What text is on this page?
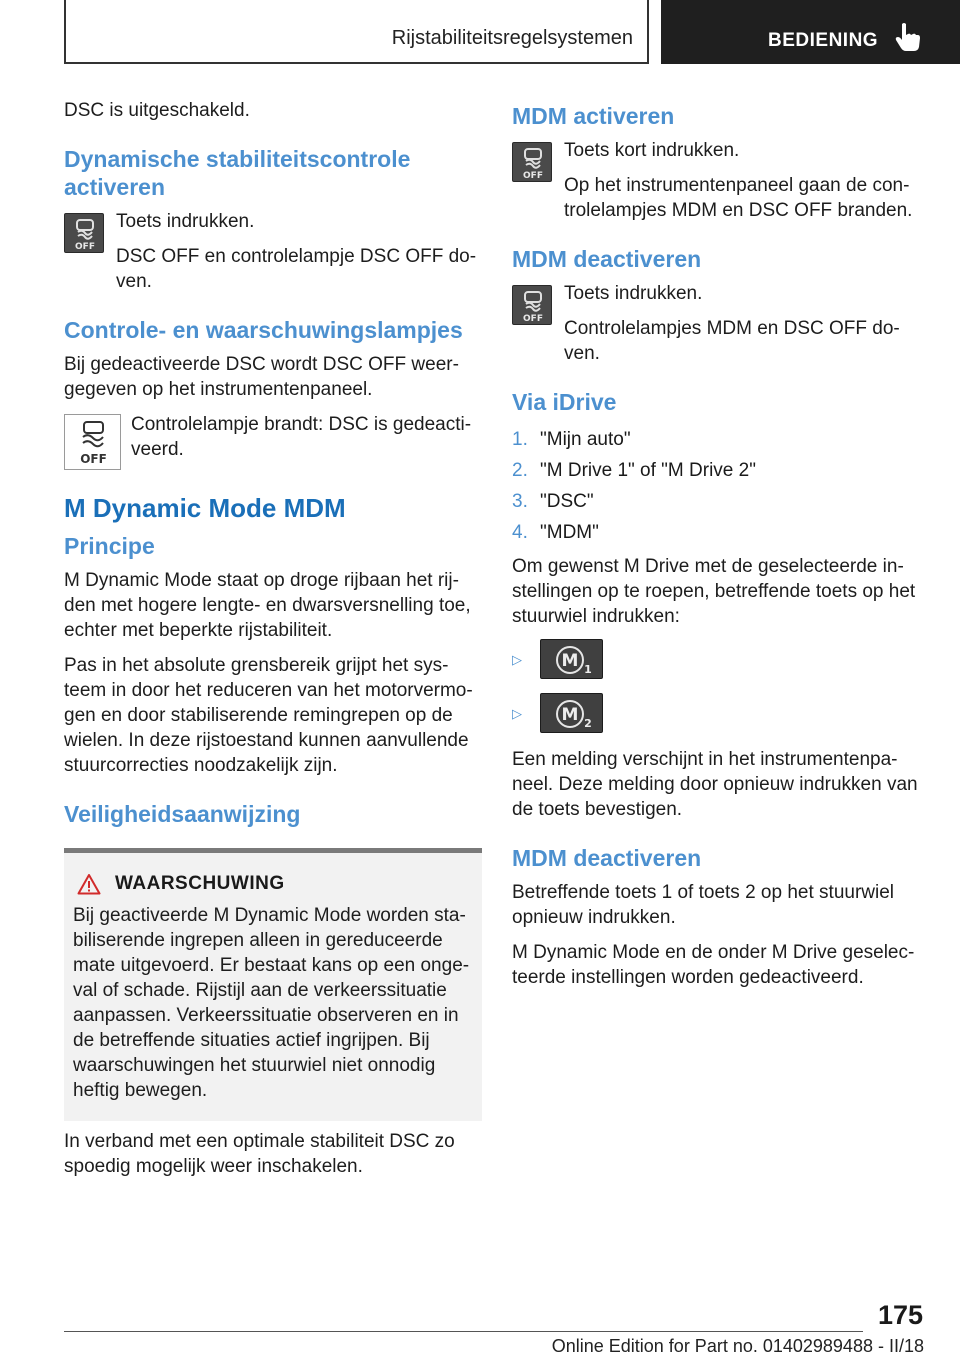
Rijstabiliteitsregelsystemen	BEDIENING

DSC is uitgeschakeld.

Dynamische stabiliteitscontrole activeren
OFF

Toets indrukken.

DSC OFF en controlelampje DSC OFF do-ven.

Controle- en waarschuwingslampjes

Bij gedeactiveerde DSC wordt DSC OFF weer-gegeven op het instrumentenpaneel.

OFF

Controlelampje brandt: DSC is gedeacti-veerd.

M Dynamic Mode MDM
Principe

M Dynamic Mode staat op droge rijbaan het rij-den met hogere lengte- en dwarsversnelling toe, echter met beperkte rijstabiliteit.

Pas in het absolute grensbereik grijpt het sys-teem in door het reduceren van het motorvermo-gen en door stabiliserende remingrepen op de wielen. In deze rijstoestand kunnen aanvullende stuurcorrecties noodzakelijk zijn.

Veiligheidsaanwijzing
WAARSCHUWING

Bij geactiveerde M Dynamic Mode worden sta-biliserende ingrepen alleen in gereduceerde mate uitgevoerd. Er bestaat kans op een onge-val of schade. Rijstijl aan de verkeerssituatie aanpassen. Verkeerssituatie observeren en in de betreffende situaties actief ingrijpen. Bij waarschuwingen het stuurwiel niet onnodig heftig bewegen.

In verband met een optimale stabiliteit DSC zo spoedig mogelijk weer inschakelen.

MDM activeren
OFF

Toets kort indrukken.

Op het instrumentenpaneel gaan de con-trolelampjes MDM en DSC OFF branden.

MDM deactiveren
OFF

Toets indrukken.

Controlelampjes MDM en DSC OFF do-ven.

Via iDrive
1. "Mijn auto"
2. "M Drive 1" of "M Drive 2"
3. "DSC"
4. "MDM"

Om gewenst M Drive met de geselecteerde in-stellingen op te roepen, betreffende toets op het stuurwiel indrukken:

▷	M 1
▷	M 2

Een melding verschijnt in het instrumentenpa-neel. Deze melding door opnieuw indrukken van de toets bevestigen.

MDM deactiveren

Betreffende toets 1 of toets 2 op het stuurwiel opnieuw indrukken.

M Dynamic Mode en de onder M Drive geselec-teerde instellingen worden gedeactiveerd.

175
Online Edition for Part no. 01402989488 - II/18
